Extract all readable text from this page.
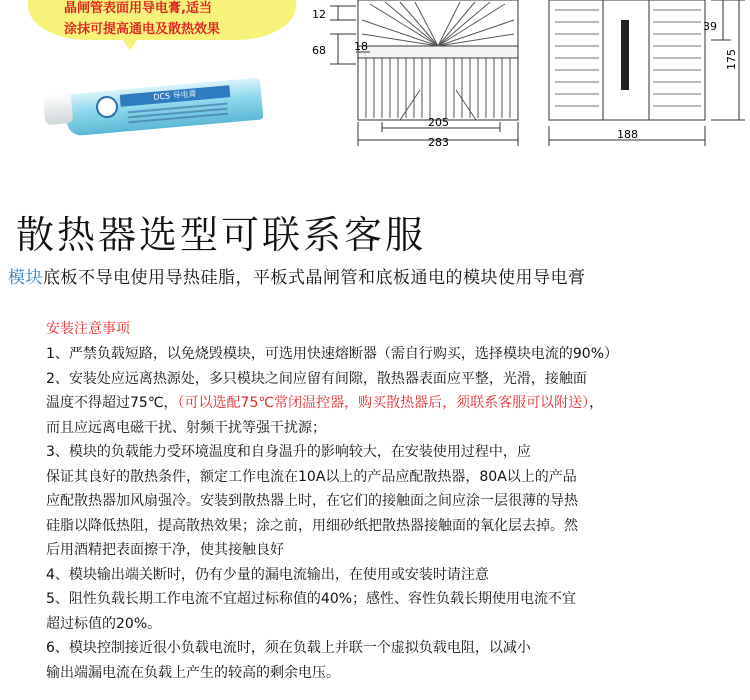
晶闸管表面用导电膏,适当
涂抹可提高通电及散热效果
DCS 导电膏
12
68	18
205
283
39
175
188
散热器选型可联系客服
模块底板不导电使用导热硅脂，平板式晶闸管和底板通电的模块使用导电膏
安装注意事项

1、严禁负载短路，以免烧毁模块，可选用快速熔断器（需自行购买，选择模块电流的90%）

2、安装处应远离热源处，多只模块之间应留有间隙，散热器表面应平整，光滑，接触面

温度不得超过75℃，（可以选配75℃常闭温控器，购买散热器后，须联系客服可以附送），

而且应远离电磁干扰、射频干扰等强干扰源；

3、模块的负载能力受环境温度和自身温升的影响较大，在安装使用过程中，应

保证其良好的散热条件，额定工作电流在10A以上的产品应配散热器，80A以上的产品

应配散热器加风扇强冷。安装到散热器上时，在它们的接触面之间应涂一层很薄的导热

硅脂以降低热阻，提高散热效果；涂之前，用细砂纸把散热器接触面的氧化层去掉。然

后用酒精把表面擦干净，使其接触良好

4、模块输出端关断时，仍有少量的漏电流输出，在使用或安装时请注意

5、阻性负载长期工作电流不宜超过标称值的40%；感性、容性负载长期使用电流不宜

超过标值的20%。

6、模块控制接近很小负载电流时，须在负载上并联一个虚拟负载电阻，以减小

输出端漏电流在负载上产生的较高的剩余电压。
